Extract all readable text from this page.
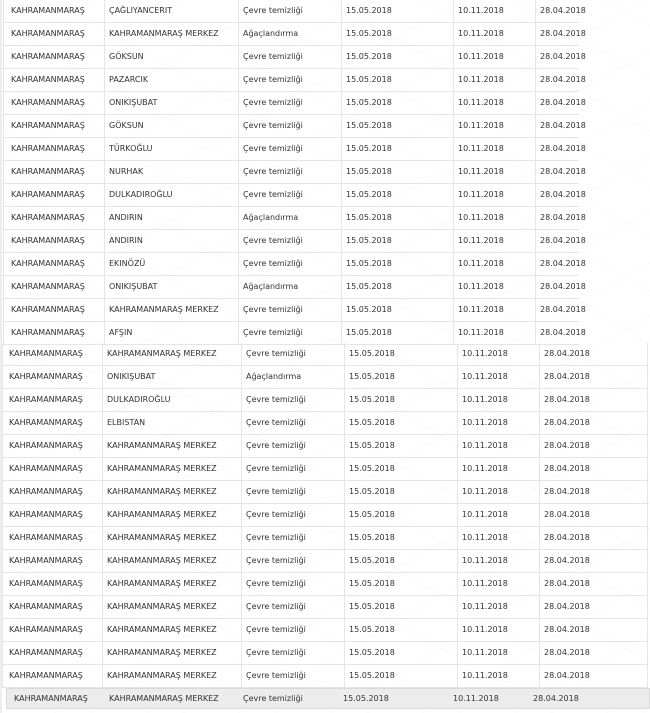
KAHRAMANMARAŞ	ÇAĞLIYANCERIT	Çevre temizliği	15.05.2018	10.11.2018	28.04.2018
KAHRAMANMARAŞ	KAHRAMANMARAŞ MERKEZ	Ağaçlandırma	15.05.2018	10.11.2018	28.04.2018
KAHRAMANMARAŞ	GÖKSUN	Çevre temizliği	15.05.2018	10.11.2018	28.04.2018
KAHRAMANMARAŞ	PAZARCIK	Çevre temizliği	15.05.2018	10.11.2018	28.04.2018
KAHRAMANMARAŞ	ONIKIŞUBAT	Çevre temizliği	15.05.2018	10.11.2018	28.04.2018
KAHRAMANMARAŞ	GÖKSUN	Çevre temizliği	15.05.2018	10.11.2018	28.04.2018
KAHRAMANMARAŞ	TÜRKOĞLU	Çevre temizliği	15.05.2018	10.11.2018	28.04.2018
KAHRAMANMARAŞ	NURHAK	Çevre temizliği	15.05.2018	10.11.2018	28.04.2018
KAHRAMANMARAŞ	DULKADIROĞLU	Çevre temizliği	15.05.2018	10.11.2018	28.04.2018
KAHRAMANMARAŞ	ANDIRIN	Ağaçlandırma	15.05.2018	10.11.2018	28.04.2018
KAHRAMANMARAŞ	ANDIRIN	Çevre temizliği	15.05.2018	10.11.2018	28.04.2018
KAHRAMANMARAŞ	EKINÖZÜ	Çevre temizliği	15.05.2018	10.11.2018	28.04.2018
KAHRAMANMARAŞ	ONIKIŞUBAT	Ağaçlandırma	15.05.2018	10.11.2018	28.04.2018
KAHRAMANMARAŞ	KAHRAMANMARAŞ MERKEZ	Çevre temizliği	15.05.2018	10.11.2018	28.04.2018
KAHRAMANMARAŞ	AFŞIN	Çevre temizliği	15.05.2018	10.11.2018	28.04.2018
KAHRAMANMARAŞ	KAHRAMANMARAŞ MERKEZ	Çevre temizliği	15.05.2018	10.11.2018	28.04.2018
KAHRAMANMARAŞ	ONIKIŞUBAT	Ağaçlandırma	15.05.2018	10.11.2018	28.04.2018
KAHRAMANMARAŞ	DULKADIROĞLU	Çevre temizliği	15.05.2018	10.11.2018	28.04.2018
KAHRAMANMARAŞ	ELBISTAN	Çevre temizliği	15.05.2018	10.11.2018	28.04.2018
KAHRAMANMARAŞ	KAHRAMANMARAŞ MERKEZ	Çevre temizliği	15.05.2018	10.11.2018	28.04.2018
KAHRAMANMARAŞ	KAHRAMANMARAŞ MERKEZ	Çevre temizliği	15.05.2018	10.11.2018	28.04.2018
KAHRAMANMARAŞ	KAHRAMANMARAŞ MERKEZ	Çevre temizliği	15.05.2018	10.11.2018	28.04.2018
KAHRAMANMARAŞ	KAHRAMANMARAŞ MERKEZ	Çevre temizliği	15.05.2018	10.11.2018	28.04.2018
KAHRAMANMARAŞ	KAHRAMANMARAŞ MERKEZ	Çevre temizliği	15.05.2018	10.11.2018	28.04.2018
KAHRAMANMARAŞ	KAHRAMANMARAŞ MERKEZ	Çevre temizliği	15.05.2018	10.11.2018	28.04.2018
KAHRAMANMARAŞ	KAHRAMANMARAŞ MERKEZ	Çevre temizliği	15.05.2018	10.11.2018	28.04.2018
KAHRAMANMARAŞ	KAHRAMANMARAŞ MERKEZ	Çevre temizliği	15.05.2018	10.11.2018	28.04.2018
KAHRAMANMARAŞ	KAHRAMANMARAŞ MERKEZ	Çevre temizliği	15.05.2018	10.11.2018	28.04.2018
KAHRAMANMARAŞ	KAHRAMANMARAŞ MERKEZ	Çevre temizliği	15.05.2018	10.11.2018	28.04.2018
KAHRAMANMARAŞ	KAHRAMANMARAŞ MERKEZ	Çevre temizliği	15.05.2018	10.11.2018	28.04.2018
KAHRAMANMARAŞ	KAHRAMANMARAŞ MERKEZ	Çevre temizliği	15.05.2018	10.11.2018	28.04.2018
